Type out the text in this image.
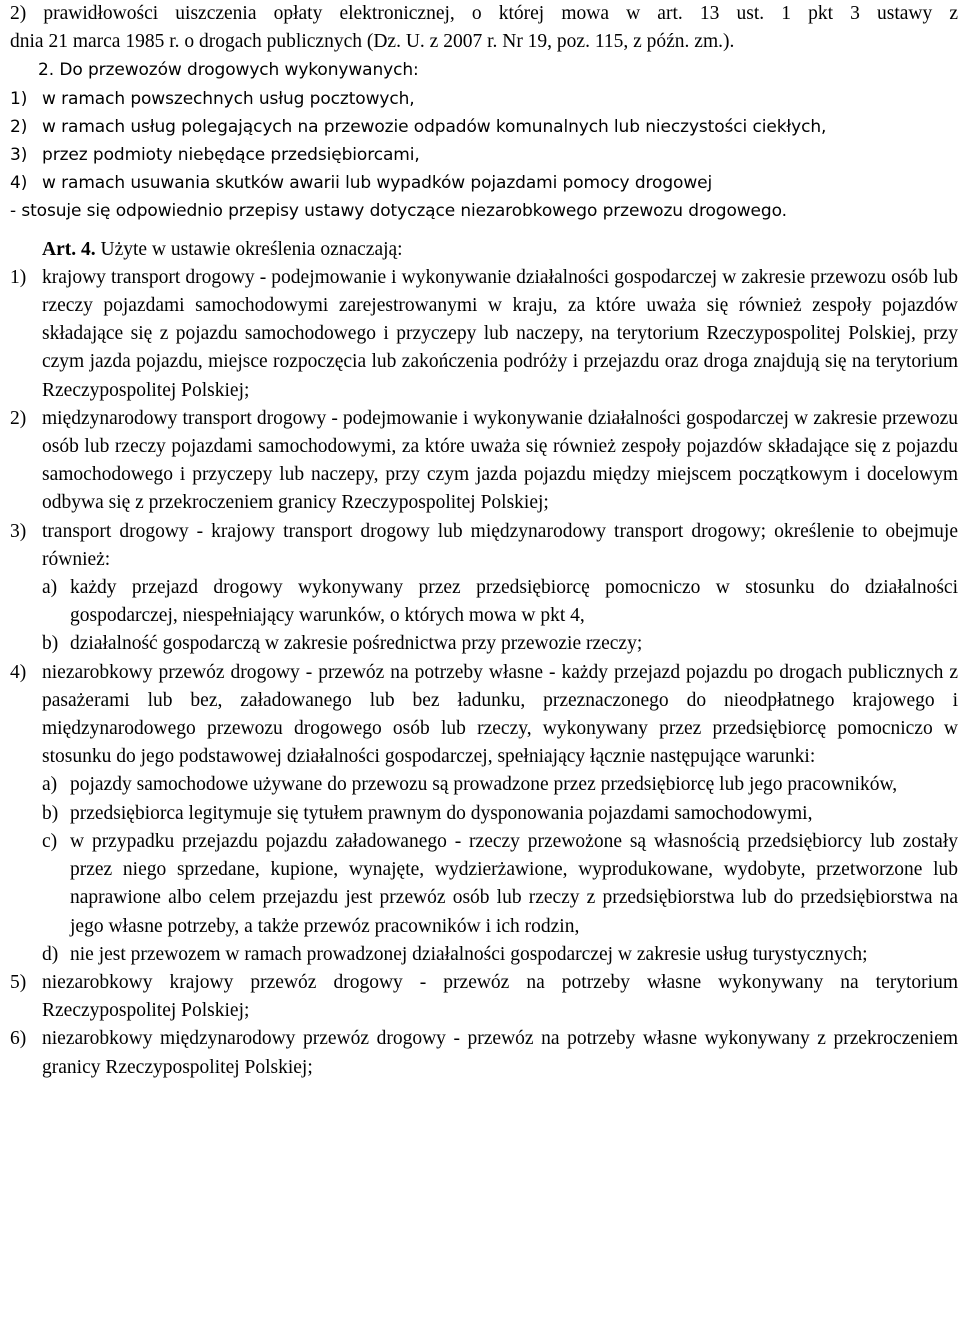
2) prawidłowości uiszczenia opłaty elektronicznej, o której mowa w art. 13 ust. 1 pkt 3 ustawy z
dnia 21 marca 1985 r. o drogach publicznych (Dz. U. z 2007 r. Nr 19, poz. 115, z późn. zm.).
2. Do przewozów drogowych wykonywanych:
1) w ramach powszechnych usług pocztowych,
2) w ramach usług polegających na przewozie odpadów komunalnych lub nieczystości ciekłych,
3) przez podmioty niebędące przedsiębiorcami,
4) w ramach usuwania skutków awarii lub wypadków pojazdami pomocy drogowej
- stosuje się odpowiednio przepisy ustawy dotyczące niezarobkowego przewozu drogowego.
Art. 4. Użyte w ustawie określenia oznaczają:
1) krajowy transport drogowy - podejmowanie i wykonywanie działalności gospodarczej w zakresie przewozu osób lub rzeczy pojazdami samochodowymi zarejestrowanymi w kraju, za które uważa się również zespoły pojazdów składające się z pojazdu samochodowego i przyczepy lub naczepy, na terytorium Rzeczypospolitej Polskiej, przy czym jazda pojazdu, miejsce rozpoczęcia lub zakończenia podróży i przejazdu oraz droga znajdują się na terytorium Rzeczypospolitej Polskiej;
2) międzynarodowy transport drogowy - podejmowanie i wykonywanie działalności gospodarczej w zakresie przewozu osób lub rzeczy pojazdami samochodowymi, za które uważa się również zespoły pojazdów składające się z pojazdu samochodowego i przyczepy lub naczepy, przy czym jazda pojazdu między miejscem początkowym i docelowym odbywa się z przekroczeniem granicy Rzeczypospolitej Polskiej;
3) transport drogowy - krajowy transport drogowy lub międzynarodowy transport drogowy; określenie to obejmuje również:
a) każdy przejazd drogowy wykonywany przez przedsiębiorcę pomocniczo w stosunku do działalności gospodarczej, niespełniający warunków, o których mowa w pkt 4,
b) działalność gospodarczą w zakresie pośrednictwa przy przewozie rzeczy;
4) niezarobkowy przewóz drogowy - przewóz na potrzeby własne - każdy przejazd pojazdu po drogach publicznych z pasażerami lub bez, załadowanego lub bez ładunku, przeznaczonego do nieodpłatnego krajowego i międzynarodowego przewozu drogowego osób lub rzeczy, wykonywany przez przedsiębiorcę pomocniczo w stosunku do jego podstawowej działalności gospodarczej, spełniający łącznie następujące warunki:
a) pojazdy samochodowe używane do przewozu są prowadzone przez przedsiębiorcę lub jego pracowników,
b) przedsiębiorca legitymuje się tytułem prawnym do dysponowania pojazdami samochodowymi,
c) w przypadku przejazdu pojazdu załadowanego - rzeczy przewożone są własnością przedsiębiorcy lub zostały przez niego sprzedane, kupione, wynajęte, wydzierżawione, wyprodukowane, wydobyte, przetworzone lub naprawione albo celem przejazdu jest przewóz osób lub rzeczy z przedsiębiorstwa lub do przedsiębiorstwa na jego własne potrzeby, a także przewóz pracowników i ich rodzin,
d) nie jest przewozem w ramach prowadzonej działalności gospodarczej w zakresie usług turystycznych;
5) niezarobkowy krajowy przewóz drogowy - przewóz na potrzeby własne wykonywany na terytorium Rzeczypospolitej Polskiej;
6) niezarobkowy międzynarodowy przewóz drogowy - przewóz na potrzeby własne wykonywany z przekroczeniem granicy Rzeczypospolitej Polskiej;
